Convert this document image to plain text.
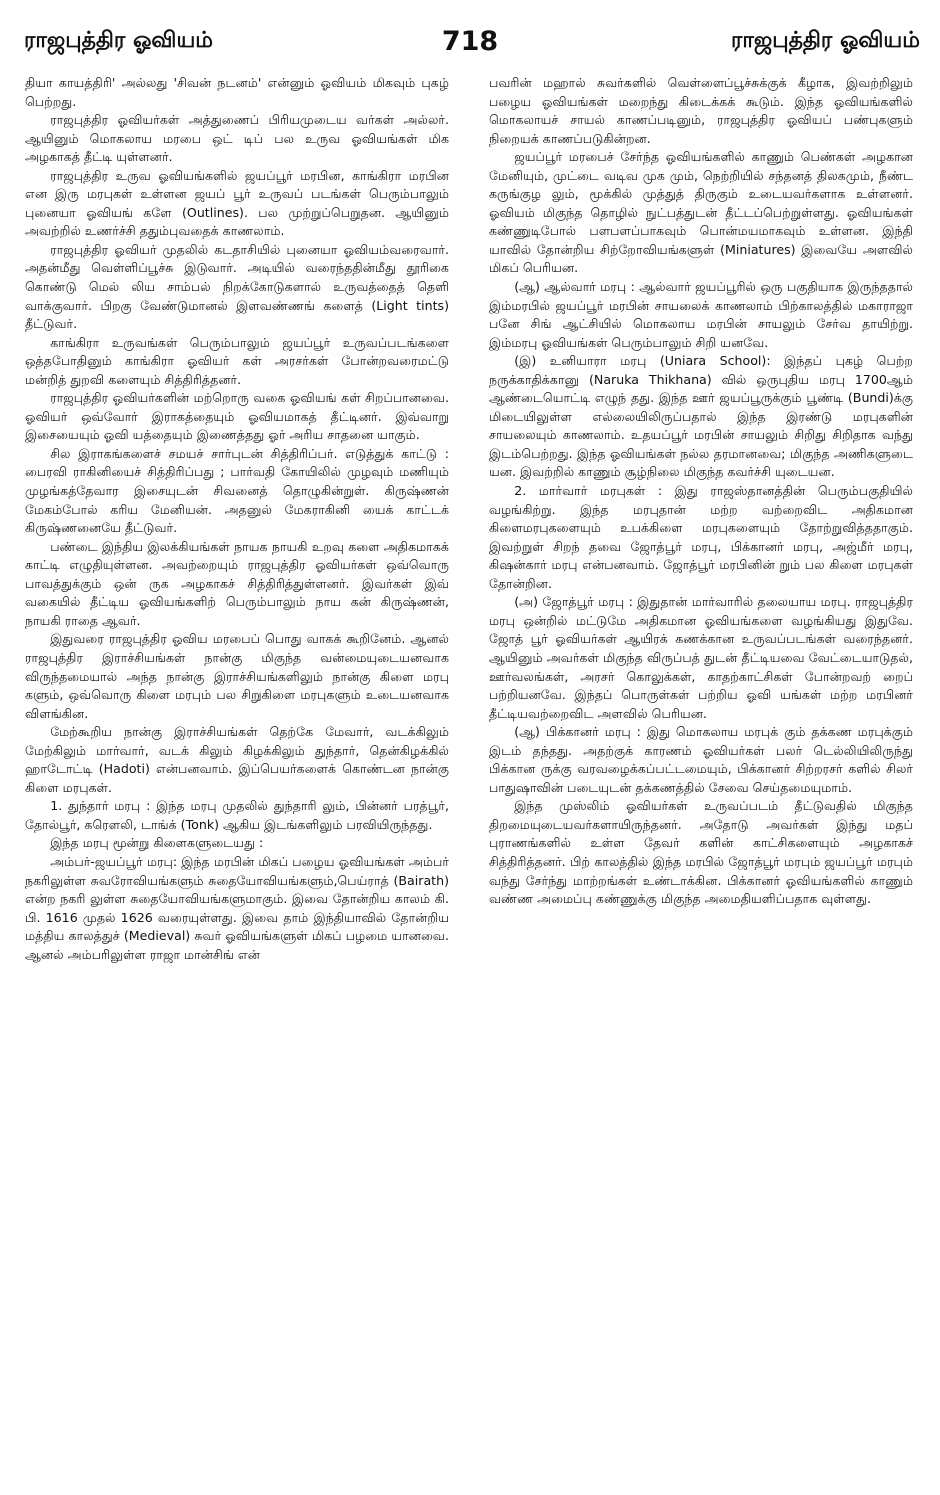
ராஜபுத்திர ஓவியம்	718	ராஜபுத்திர ஓவியம்

தியா காயத்திரி' அல்லது 'சிவன் நடனம்' என்னும் ஓவியம் மிகவும் புகழ் பெற்றது.

ராஜபுத்திர ஓவியர்கள் அத்துணைப் பிரியமுடைய வர்கள் அல்லர். ஆயினும் மொகலாய மரபை ஒட் டிப் பல உருவ ஓவியங்கள் மிக அழகாகத் தீட்டி யுள்ளனர்.

ராஜபுத்திர உருவ ஓவியங்களில் ஜயப்பூர் மரபின, காங்கிரா மரபின என இரு மரபுகள் உள்ளன ஜயப் பூர் உருவப் படங்கள் பெரும்பாலும் புனையா ஓவியங் களே (Outlines). பல முற்றுப்பெறுதன. ஆயினும் அவற்றில் உணர்ச்சி ததும்புவதைக் காணலாம்.

ராஜபுத்திர ஓவியர் முதலில் கடதாசியில் புனையா ஓவியம்வரைவார். அதன்மீது வெள்ளிப்பூச்சு இடுவார். அடியில் வரைந்ததின்மீது தூரிகை கொண்டு மெல் லிய சாம்பல் நிறக்கோடுகளால் உருவத்தைத் தெளி வாக்குவார். பிறகு வேண்டுமானல் இளவண்ணங் களைத் (Light tints) தீட்டுவர்.

காங்கிரா உருவங்கள் பெரும்பாலும் ஜயப்பூர் உருவப்படங்களை ஒத்தபோதினும் காங்கிரா ஓவியர் கள் அரசர்கள் போன்றவரைமட்டு மன்றித் துறவி களையும் சித்திரித்தனர்.

ராஜபுத்திர ஓவியர்களின் மற்றொரு வகை ஓவியங் கள் சிறப்பானவை. ஓவியர் ஒவ்வோர் இராகத்தையும் ஓவியமாகத் தீட்டினர். இவ்வாறு இசையையும் ஓவி யத்தையும் இணைத்தது ஓர் அரிய சாதனை யாகும்.

சில இராகங்களைச் சமயச் சார்புடன் சித்திரிப்பர். எடுத்துக் காட்டு : பைரவி ராகினியைச் சித்திரிப்பது ; பார்வதி கோயிலில் முழவும் மணியும் முழங்கத்தேவார இசையுடன் சிவனைத் தொழுகின்றுள். கிருஷ்ணன் மேகம்போல் கரிய மேனியன். அதனுல் மேகராகினி யைக் காட்டக் கிருஷ்ணனையே தீட்டுவர்.

பண்டை இந்திய இலக்கியங்கள் நாயக நாயகி உறவு களை அதிகமாகக் காட்டி எழுதியுள்ளன. அவற்றையும் ராஜபுத்திர ஓவியர்கள் ஒவ்வொரு பாவத்துக்கும் ஒன் ருக அழகாகச் சித்திரித்துள்ளனர். இவர்கள் இவ் வகையில் தீட்டிய ஓவியங்களிற் பெரும்பாலும் நாய கன் கிருஷ்ணன், நாயகி ராதை ஆவர்.

இதுவரை ராஜபுத்திர ஓவிய மரபைப் பொது வாகக் கூறினேம். ஆனல் ராஜபுத்திர இராச்சியங்கள் நான்கு மிகுந்த வன்மையுடையனவாக விருந்தமையால் அந்த நான்கு இராச்சியங்களிலும் நான்கு கிளை மரபு களும், ஒவ்வொரு கிளை மரபும் பல சிறுகிளை மரபுகளும் உடையனவாக விளங்கின.

மேற்கூறிய நான்கு இராச்சியங்கள் தெற்கே மேவார், வடக்கிலும் மேற்கிலும் மார்வார், வடக் கிலும் கிழக்கிலும் துந்தார், தென்கிழக்கில் ஹாடோட்டி (Hadoti) என்பனவாம். இப்பெயர்களைக் கொண்டன நான்கு கிளை மரபுகள்.

1. துந்தார் மரபு : இந்த மரபு முதலில் துந்தாரி லும், பின்னர் பரத்பூர், தோல்பூர், கரௌலி, டாங்க் (Tonk) ஆகிய இடங்களிலும் பரவியிருந்தது.

இந்த மரபு மூன்று கிளைகளுடையது :

அம்பர்-ஜயப்பூர் மரபு: இந்த மரபின் மிகப் பழைய ஓவியங்கள் அம்பர் நகரிலுள்ள சுவரோவியங்களும் சுதையோவியங்களும்,பெய்ராத் (Bairath) என்ற நகரி லுள்ள சுதையோவியங்களுமாகும். இவை தோன்றிய காலம் கி. பி. 1616 முதல் 1626 வரையுள்ளது. இவை தாம் இந்தியாவில் தோன்றிய மத்திய காலத்துச் (Medieval) சுவர் ஓவியங்களுள் மிகப் பழமை யானவை. ஆனல் அம்பரிலுள்ள ராஜா மான்சிங் என்

பவரின் மஹால் சுவர்களில் வெள்ளைப்பூச்சுக்குக் கீழாக, இவற்றிலும் பழைய ஓவியங்கள் மறைந்து கிடைக்கக் கூடும். இந்த ஓவியங்களில் மொகலாயச் சாயல் காணப்படினும், ராஜபுத்திர ஓவியப் பண்புகளும் நிறையக் காணப்படுகின்றன.

ஜயப்பூர் மரபைச் சேர்ந்த ஓவியங்களில் காணும் பெண்கள் அழகான மேனியும், முட்டை வடிவ முக மும், நெற்றியில் சந்தனத் திலகமும், நீண்ட கருங்குழ லும், மூக்கில் முத்துத் திருகும் உடையவர்களாக உள்ளனர். ஓவியம் மிகுந்த தொழில் நுட்பத்துடன் தீட்டப்பெற்றுள்ளது. ஓவியங்கள் கண்ணுடிபோல் பளபளப்பாகவும் பொன்மயமாகவும் உள்ளன. இந்தி யாவில் தோன்றிய சிற்றோவியங்களுள் (Miniatures) இவையே அளவில் மிகப் பெரியன.

(ஆ) ஆல்வார் மரபு : ஆல்வார் ஜயப்பூரில் ஒரு பகுதியாக இருந்ததால் இம்மரபில் ஜயப்பூர் மரபின் சாயலைக் காணலாம் பிற்காலத்தில் மகாராஜா பனே சிங் ஆட்சியில் மொகலாய மரபின் சாயலும் சேர்வ தாயிற்று. இம்மரபு ஓவியங்கள் பெரும்பாலும் சிறி யனவே.

(இ) உனியாரா மரபு (Uniara School): இந்தப் புகழ் பெற்ற நருக்காதிக்கானு (Naruka Thikhana) வில் ஒருபுதிய மரபு 1700ஆம் ஆண்டையொட்டி எழுந் தது. இந்த ஊர் ஜயப்பூருக்கும் பூண்டி (Bundi)க்கு மிடையிலுள்ள எல்லையிலிருப்பதால் இந்த இரண்டு மரபுகளின் சாயலையும் காணலாம். உதயப்பூர் மரபின் சாயலும் சிறிது சிறிதாக வந்து இடம்பெற்றது. இந்த ஓவியங்கள் நல்ல தரமானவை; மிகுந்த அணிகளுடை யன. இவற்றில் காணும் சூழ்நிலை மிகுந்த கவர்ச்சி யுடையன.

2. மார்வார் மரபுகள் : இது ராஜஸ்தானத்தின் பெரும்பகுதியில் வழங்கிற்று. இந்த மரபுதான் மற்ற வற்றைவிட அதிகமான கிளைமரபுகளையும் உபக்கிளை மரபுகளையும் தோற்றுவித்ததாகும். இவற்றுள் சிறந் தவை ஜோத்பூர் மரபு, பிக்கானர் மரபு, அஜ்மீர் மரபு, கிஷன்கார் மரபு என்பனவாம். ஜோத்பூர் மரபினின் றும் பல கிளை மரபுகள் தோன்றின.

(அ) ஜோத்பூர் மரபு : இதுதான் மார்வாரில் தலையாய மரபு. ராஜபுத்திர மரபு ஒன்றில் மட்டுமே அதிகமான ஓவியங்களை வழங்கியது இதுவே. ஜோத் பூர் ஓவியர்கள் ஆயிரக் கணக்கான உருவப்படங்கள் வரைந்தனர். ஆயினும் அவர்கள் மிகுந்த விருப்பத் துடன் தீட்டியவை வேட்டையாடுதல், ஊர்வலங்கள், அரசர் கொலுக்கள், காதற்காட்சிகள் போன்றவற் றைப் பற்றியனவே. இந்தப் பொருள்கள் பற்றிய ஓவி யங்கள் மற்ற மரபினர் தீட்டியவற்றைவிட அளவில் பெரியன.

(ஆ) பிக்கானர் மரபு : இது மொகலாய மரபுக் கும் தக்கண மரபுக்கும் இடம் தந்தது. அதற்குக் காரணம் ஓவியர்கள் பலர் டெல்லியிலிருந்து பிக்கான ருக்கு வரவழைக்கப்பட்டமையும், பிக்கானர் சிற்றரசர் களில் சிலர் பாதுஷாவின் படையுடன் தக்கணத்தில் சேவை செய்தமையுமாம்.

இந்த முஸ்லிம் ஓவியர்கள் உருவப்படம் தீட்டுவதில் மிகுந்த திறமையுடையவர்களாயிருந்தனர். அதோடு அவர்கள் இந்து மதப் புராணங்களில் உள்ள தேவர் களின் காட்சிகளையும் அழகாகச் சித்திரித்தனர். பிற் காலத்தில் இந்த மரபில் ஜோத்பூர் மரபும் ஜயப்பூர் மரபும் வந்து சேர்ந்து மாற்றங்கள் உண்டாக்கின. பிக்கானர் ஓவியங்களில் காணும் வண்ண அமைப்பு கண்ணுக்கு மிகுந்த அமைதியளிப்பதாக வுள்ளது.
